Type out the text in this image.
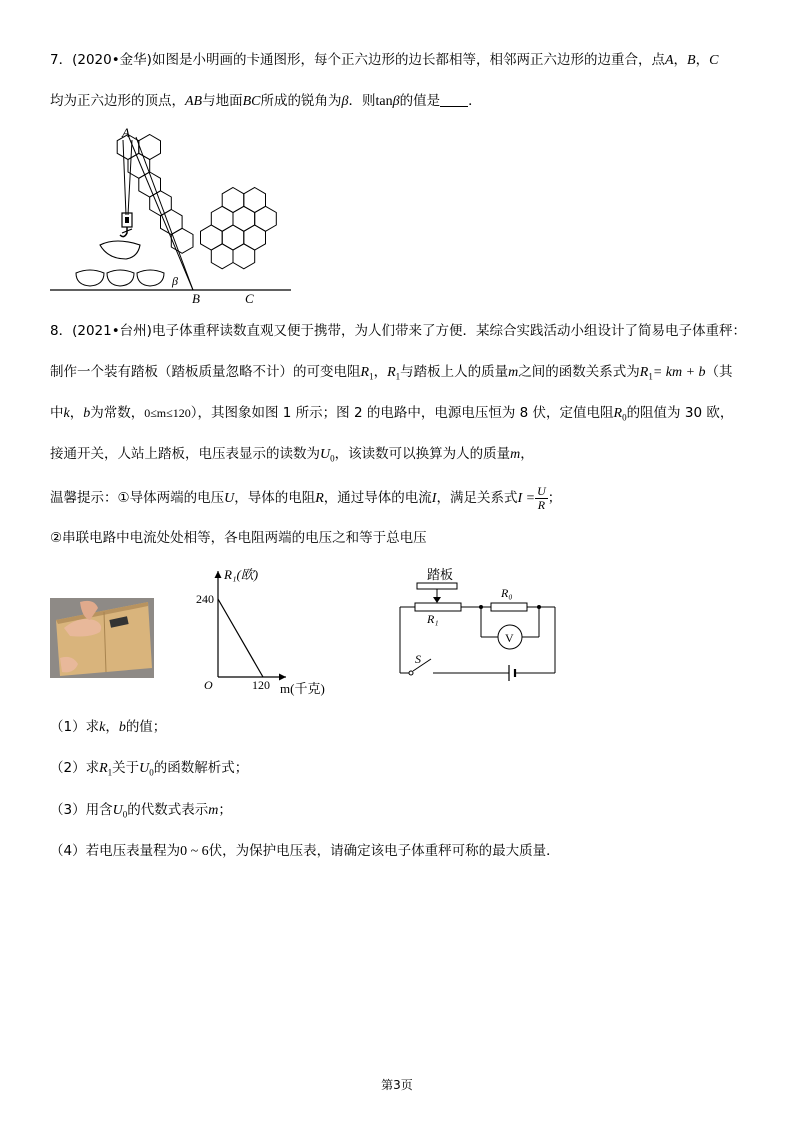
7．(2020•金华)如图是小明画的卡通图形，每个正六边形的边长都相等，相邻两正六边形的边重合，点A，B，C
均为正六边形的顶点，AB与地面BC所成的锐角为β．则tanβ的值是 ．
A
B	C
β
8．(2021•台州)电子体重秤读数直观又便于携带，为人们带来了方便．某综合实践活动小组设计了简易电子体重秤：
制作一个装有踏板（踏板质量忽略不计）的可变电阻$R_1$，$R_1$与踏板上人的质量m之间的函数关系式为$R_1=$ km + b（其
中k，b为常数，0≤m≤120），其图象如图 1 所示；图 2 的电路中，电源电压恒为 8 伏，定值电阻$R_0$的阻值为 30 欧，
接通开关，人站上踏板，电压表显示的读数为$U_0$，该读数可以换算为人的质量m，
温馨提示：①导体两端的电压U，导体的电阻R，通过导体的电流I，满足关系式$I = \frac{U}{R}$ ；
②串联电路中电流处处相等，各电阻两端的电压之和等于总电压
R₁(欧)
240
O	120 m(千克)
踏板
R₁
R₀
V
S
（1）求k，b的值；
（2）求$R_1$关于$U_0$的函数解析式；
（3）用含$U_0$的代数式表示m；
（4）若电压表量程为0 ~ 6伏，为保护电压表，请确定该电子体重秤可称的最大质量．
第3页
